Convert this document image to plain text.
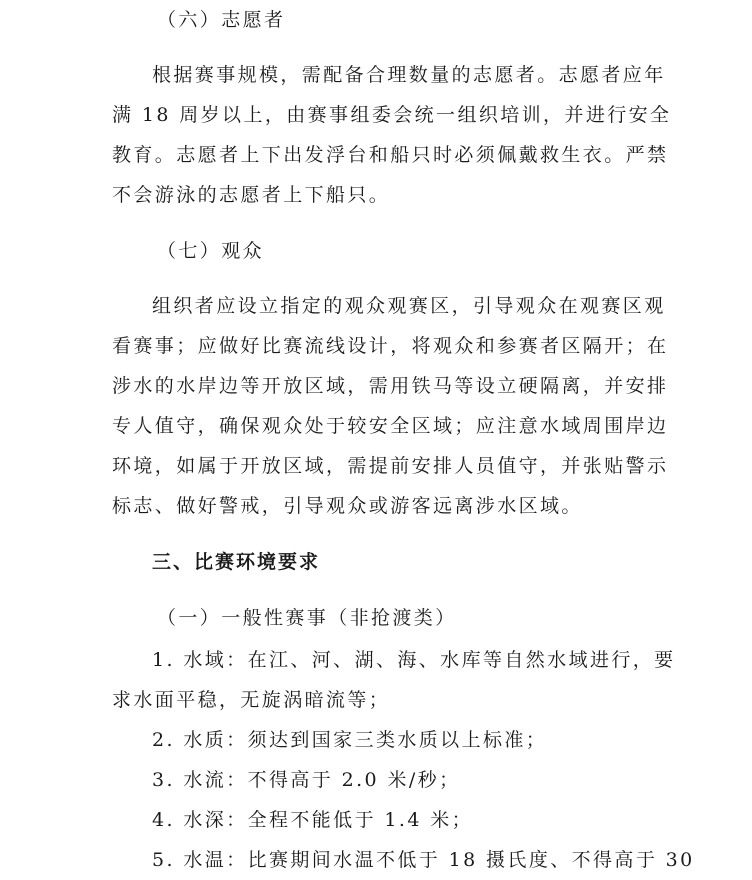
（六）志愿者
根据赛事规模，需配备合理数量的志愿者。志愿者应年
满 18 周岁以上，由赛事组委会统一组织培训，并进行安全
教育。志愿者上下出发浮台和船只时必须佩戴救生衣。严禁
不会游泳的志愿者上下船只。
（七）观众
组织者应设立指定的观众观赛区，引导观众在观赛区观
看赛事；应做好比赛流线设计，将观众和参赛者区隔开；在
涉水的水岸边等开放区域，需用铁马等设立硬隔离，并安排
专人值守，确保观众处于较安全区域；应注意水域周围岸边
环境，如属于开放区域，需提前安排人员值守，并张贴警示
标志、做好警戒，引导观众或游客远离涉水区域。
三、比赛环境要求
（一）一般性赛事（非抢渡类）
1. 水域：在江、河、湖、海、水库等自然水域进行，要
求水面平稳，无旋涡暗流等；
2. 水质：须达到国家三类水质以上标准；
3. 水流：不得高于 2.0 米/秒；
4. 水深：全程不能低于 1.4 米；
5. 水温：比赛期间水温不低于 18 摄氏度、不得高于 30
